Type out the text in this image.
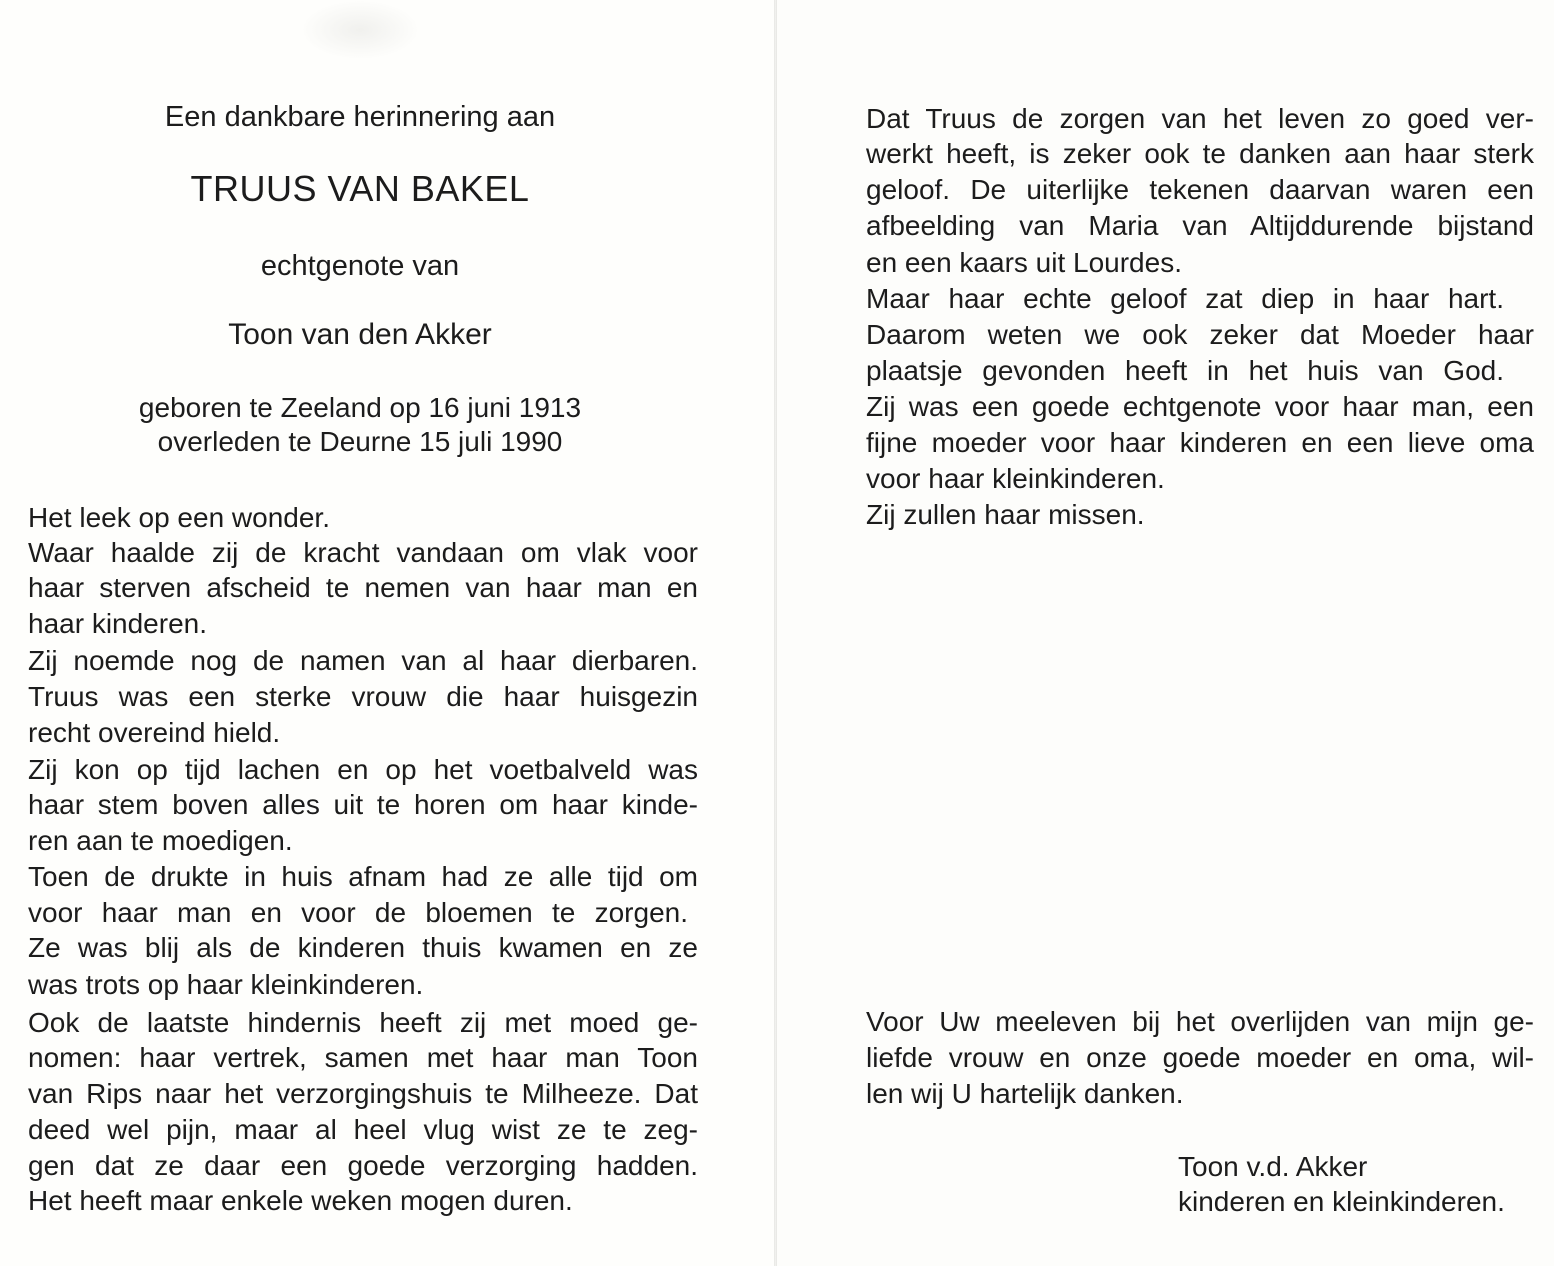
Een dankbare herinnering aan
TRUUS VAN BAKEL
echtgenote van
Toon van den Akker
geboren te Zeeland op 16 juni 1913
overleden te Deurne 15 juli 1990
Het leek op een wonder.
Waar haalde zij de kracht vandaan om vlak voor
haar sterven afscheid te nemen van haar man en
haar kinderen.
Zij noemde nog de namen van al haar dierbaren.
Truus was een sterke vrouw die haar huisgezin
recht overeind hield.
Zij kon op tijd lachen en op het voetbalveld was
haar stem boven alles uit te horen om haar kinde-
ren aan te moedigen.
Toen de drukte in huis afnam had ze alle tijd om
voor haar man en voor de bloemen te zorgen.
Ze was blij als de kinderen thuis kwamen en ze
was trots op haar kleinkinderen.
Ook de laatste hindernis heeft zij met moed ge-
nomen: haar vertrek, samen met haar man Toon
van Rips naar het verzorgingshuis te Milheeze. Dat
deed wel pijn, maar al heel vlug wist ze te zeg-
gen dat ze daar een goede verzorging hadden.
Het heeft maar enkele weken mogen duren.
Dat Truus de zorgen van het leven zo goed ver-
werkt heeft, is zeker ook te danken aan haar sterk
geloof. De uiterlijke tekenen daarvan waren een
afbeelding van Maria van Altijddurende bijstand
en een kaars uit Lourdes.
Maar haar echte geloof zat diep in haar hart.
Daarom weten we ook zeker dat Moeder haar
plaatsje gevonden heeft in het huis van God.
Zij was een goede echtgenote voor haar man, een
fijne moeder voor haar kinderen en een lieve oma
voor haar kleinkinderen.
Zij zullen haar missen.
Voor Uw meeleven bij het overlijden van mijn ge-
liefde vrouw en onze goede moeder en oma, wil-
len wij U hartelijk danken.
Toon v.d. Akker
kinderen en kleinkinderen.
